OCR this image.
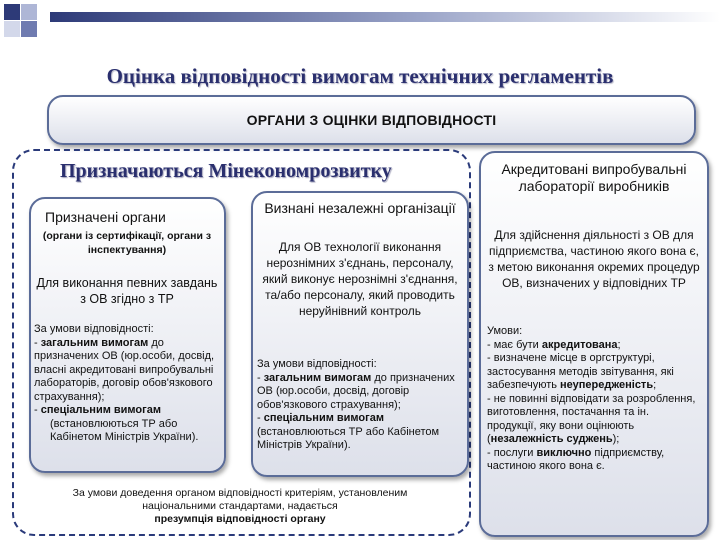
Оцінка відповідності вимогам технічних регламентів
ОРГАНИ З ОЦІНКИ ВІДПОВІДНОСТІ
Призначаються Мінекономрозвитку
Призначені органи
(органи із сертифікації, органи з інспектування)
Для виконання певних завдань з ОВ згідно з ТР
За умови відповідності:
- загальним вимогам до призначених ОВ (юр.особи, досвід, власні акредитовані випробувальні лабораторів, договір обов'язкового страхування);
- спеціальним вимогам
(встановлюються ТР або Кабінетом Міністрів України).
Визнані незалежні організації
Для ОВ технології виконання нерознімних з'єднань, персоналу, який виконує нерознімні з'єднання, та/або персоналу, який проводить неруйнівний контроль
За умови відповідності:
- загальним вимогам до призначених ОВ (юр.особи, досвід, договір обов'язкового страхування);
- спеціальним вимогам (встановлюються ТР або Кабінетом Міністрів України).
Акредитовані випробувальні лабораторії виробників
Для здійснення діяльності з ОВ для підприємства, частиною якого вона є, з метою виконання окремих процедур ОВ, визначених у відповідних ТР
Умови:
- має бути акредитована;
- визначене місце в оргструктурі, застосування методів звітування, які забезпечують неупередженість;
- не повинні відповідати за розроблення, виготовлення, постачання та ін. продукції, яку вони оцінюють (незалежність суджень);
- послуги виключно підприємству, частиною якого вона є.
За умови доведення органом відповідності критеріям, установленим національними стандартами, надається
презумпція відповідності органу
